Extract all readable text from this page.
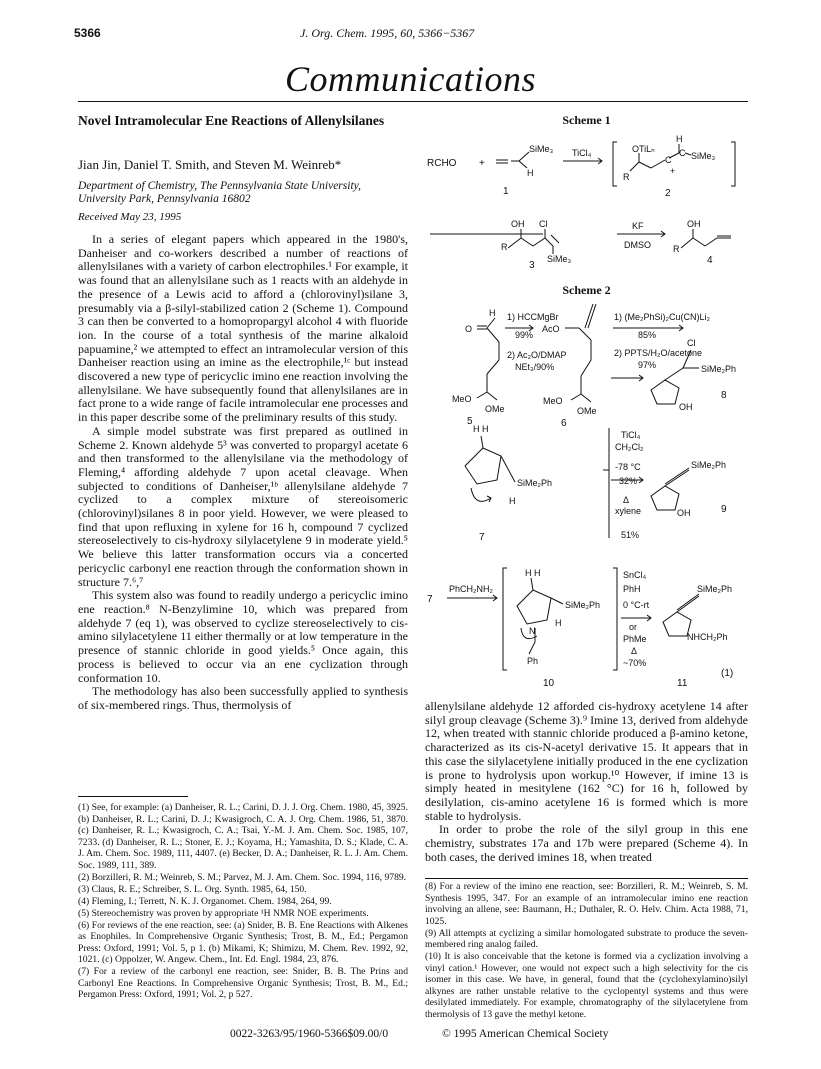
5366	J. Org. Chem. 1995, 60, 5366−5367
Communications
Novel Intramolecular Ene Reactions of Allenylsilanes
Jian Jin, Daniel T. Smith, and Steven M. Weinreb*
Department of Chemistry, The Pennsylvania State University, University Park, Pennsylvania 16802
Received May 23, 1995

In a series of elegant papers which appeared in the 1980's, Danheiser and co-workers described a number of reactions of allenylsilanes with a variety of carbon electrophiles.¹ For example, it was found that an allenylsilane such as 1 reacts with an aldehyde in the presence of a Lewis acid to afford a (chlorovinyl)silane 3, presumably via a β-silyl-stabilized cation 2 (Scheme 1). Compound 3 can then be converted to a homopropargyl alcohol 4 with fluoride ion. In the course of a total synthesis of the marine alkaloid papuamine,² we attempted to effect an intramolecular version of this Danheiser reaction using an imine as the electrophile,¹ᶜ but instead discovered a new type of pericyclic imino ene reaction involving the allenylsilane. We have subsequently found that allenylsilanes are in fact prone to a wide range of facile intramolecular ene processes and in this paper describe some of the preliminary results of this study.

A simple model substrate was first prepared as outlined in Scheme 2. Known aldehyde 5³ was converted to propargyl acetate 6 and then transformed to the allenylsilane via the methodology of Fleming,⁴ affording aldehyde 7 upon acetal cleavage. When subjected to conditions of Danheiser,¹ᵇ allenylsilane aldehyde 7 cyclized to a complex mixture of stereoisomeric (chlorovinyl)silanes 8 in poor yield. However, we were pleased to find that upon refluxing in xylene for 16 h, compound 7 cyclized stereoselectively to cis-hydroxy silylacetylene 9 in moderate yield.⁵ We believe this latter transformation occurs via a concerted pericyclic carbonyl ene reaction through the conformation shown in structure 7.⁶,⁷

This system also was found to readily undergo a pericyclic imino ene reaction.⁸ N-Benzylimine 10, which was prepared from aldehyde 7 (eq 1), was observed to cyclize stereoselectively to cis-amino silylacetylene 11 either thermally or at low temperature in the presence of stannic chloride in good yields.⁵ Once again, this process is believed to occur via an ene cyclization through conformation 10.

The methodology has also been successfully applied to synthesis of six-membered rings. Thus, thermolysis of

(1) See, for example: (a) Danheiser, R. L.; Carini, D. J. J. Org. Chem. 1980, 45, 3925. (b) Danheiser, R. L.; Carini, D. J.; Kwasigroch, C. A. J. Org. Chem. 1986, 51, 3870. (c) Danheiser, R. L.; Kwasigroch, C. A.; Tsai, Y.-M. J. Am. Chem. Soc. 1985, 107, 7233. (d) Danheiser, R. L.; Stoner, E. J.; Koyama, H.; Yamashita, D. S.; Klade, C. A. J. Am. Chem. Soc. 1989, 111, 4407. (e) Becker, D. A.; Danheiser, R. L. J. Am. Chem. Soc. 1989, 111, 389.

(2) Borzilleri, R. M.; Weinreb, S. M.; Parvez, M. J. Am. Chem. Soc. 1994, 116, 9789.

(3) Claus, R. E.; Schreiber, S. L. Org. Synth. 1985, 64, 150.

(4) Fleming, I.; Terrett, N. K. J. Organomet. Chem. 1984, 264, 99.

(5) Stereochemistry was proven by appropriate ¹H NMR NOE experiments.

(6) For reviews of the ene reaction, see: (a) Snider, B. B. Ene Reactions with Alkenes as Enophiles. In Comprehensive Organic Synthesis; Trost, B. M., Ed.; Pergamon Press: Oxford, 1991; Vol. 5, p 1. (b) Mikami, K; Shimizu, M. Chem. Rev. 1992, 92, 1021. (c) Oppolzer, W. Angew. Chem., Int. Ed. Engl. 1984, 23, 876.

(7) For a review of the carbonyl ene reaction, see: Snider, B. B. The Prins and Carbonyl Ene Reactions. In Comprehensive Organic Synthesis; Trost, B. M., Ed.; Pergamon Press: Oxford, 1991; Vol. 2, p 527.

Scheme 1
RCHO +
SiMe₃
H
1
TiCl₄
R
OTiLₙ
C
C
H
SiMe₃
+
2
OH Cl
R
SiMe₃
3
KF
DMSO
OH
R
4
Scheme 2
O
H 1) HCCMgBr
99%
2) Ac₂O/DMAP
NEt₃/90%
AcO
1) (Me₂PhSi)₂Cu(CN)Li₂
85%
2) PPTS/H₂O/acetone
97%
MeO
OMe
MeO
OMe
5	6
TiCl₄
CH₂Cl₂
-78 °C
32%
Δ
xylene
51%
H H
H
SiMe₂Ph
7
Cl
SiMe₂Ph
OH
8
SiMe₂Ph
OH	9
7
PhCH₂NH₂
H H
SiMe₂Ph
N
H
Ph
10
SnCl₄
PhH
0 °C-rt
or
PhMe
Δ
~70%
SiMe₂Ph
NHCH₂Ph
11
(1)

allenylsilane aldehyde 12 afforded cis-hydroxy acetylene 14 after silyl group cleavage (Scheme 3).⁹ Imine 13, derived from aldehyde 12, when treated with stannic chloride produced a β-amino ketone, characterized as its cis-N-acetyl derivative 15. It appears that in this case the silylacetylene initially produced in the ene cyclization is prone to hydrolysis upon workup.¹⁰ However, if imine 13 is simply heated in mesitylene (162 °C) for 16 h, followed by desilylation, cis-amino acetylene 16 is formed which is more stable to hydrolysis.

In order to probe the role of the silyl group in this ene chemistry, substrates 17a and 17b were prepared (Scheme 4). In both cases, the derived imines 18, when treated

(8) For a review of the imino ene reaction, see: Borzilleri, R. M.; Weinreb, S. M. Synthesis 1995, 347. For an example of an intramolecular imino ene reaction involving an allene, see: Baumann, H.; Duthaler, R. O. Helv. Chim. Acta 1988, 71, 1025.

(9) All attempts at cyclizing a similar homologated substrate to produce the seven-membered ring analog failed.

(10) It is also conceivable that the ketone is formed via a cyclization involving a vinyl cation.¹ However, one would not expect such a high selectivity for the cis isomer in this case. We have, in general, found that the (cyclohexylamino)silyl alkynes are rather unstable relative to the cyclopentyl systems and thus were desilylated immediately. For example, chromatography of the silylacetylene from thermolysis of 13 gave the methyl ketone.

0022-3263/95/1960-5366$09.00/0	© 1995 American Chemical Society
